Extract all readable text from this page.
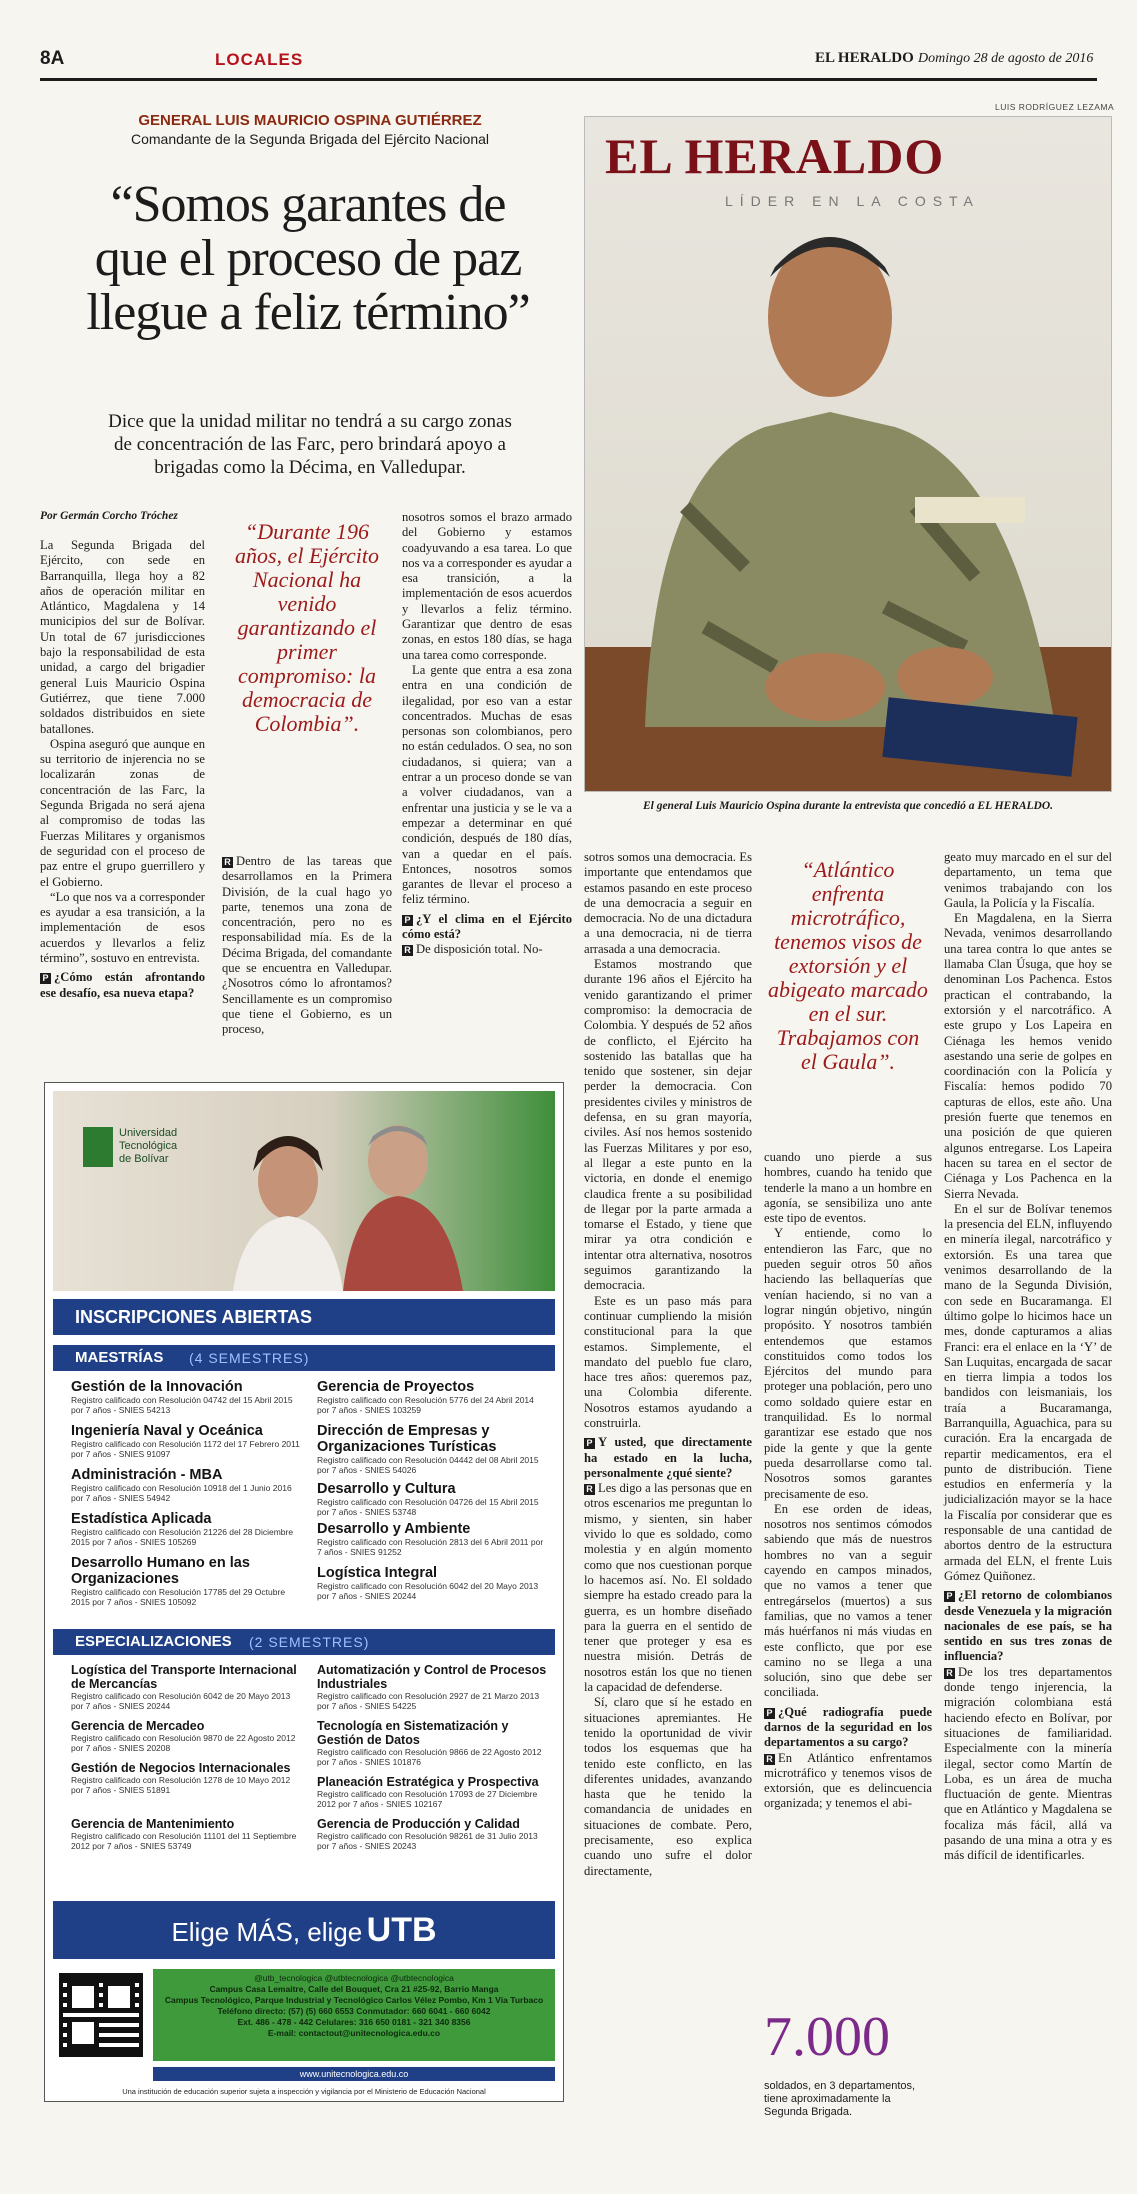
8A	LOCALES	EL HERALDO Domingo 28 de agosto de 2016
GENERAL LUIS MAURICIO OSPINA GUTIÉRREZ
Comandante de la Segunda Brigada del Ejército Nacional
“Somos garantes de
que el proceso de paz
llegue a feliz término”
Dice que la unidad militar no tendrá a su cargo zonas
de concentración de las Farc, pero brindará apoyo a
brigadas como la Décima, en Valledupar.
Por Germán Corcho Tróchez

La Segunda Brigada del Ejército, con sede en Barranquilla, llega hoy a 82 años de operación militar en Atlántico, Magdalena y 14 municipios del sur de Bolívar. Un total de 67 jurisdicciones bajo la responsabilidad de esta unidad, a cargo del brigadier general Luis Mauricio Ospina Gutiérrez, que tiene 7.000 soldados distribuidos en siete batallones.

Ospina aseguró que aunque en su territorio de injerencia no se localizarán zonas de concentración de las Farc, la Segunda Brigada no será ajena al compromiso de todas las Fuerzas Militares y organismos de seguridad con el proceso de paz entre el grupo guerrillero y el Gobierno.

“Lo que nos va a corresponder es ayudar a esa transición, a la implementación de esos acuerdos y llevarlos a feliz término”, sostuvo en entrevista.

P ¿Cómo están afrontando ese desafío, esa nueva etapa?

“Durante 196 años, el Ejército Nacional ha venido garantizando el primer compromiso: la democracia de Colombia”.

R Dentro de las tareas que desarrollamos en la Primera División, de la cual hago yo parte, tenemos una zona de concentración, pero no es responsabilidad mía. Es de la Décima Brigada, del comandante que se encuentra en Valledupar. ¿Nosotros cómo lo afrontamos? Sencillamente es un compromiso que tiene el Gobierno, es un proceso,

nosotros somos el brazo armado del Gobierno y estamos coadyuvando a esa tarea. Lo que nos va a corresponder es ayudar a esa transición, a la implementación de esos acuerdos y llevarlos a feliz término. Garantizar que dentro de esas zonas, en estos 180 días, se haga una tarea como corresponde.

La gente que entra a esa zona entra en una condición de ilegalidad, por eso van a estar concentrados. Muchas de esas personas son colombianos, pero no están cedulados. O sea, no son ciudadanos, si quiera; van a entrar a un proceso donde se van a volver ciudadanos, van a enfrentar una justicia y se le va a empezar a determinar en qué condición, después de 180 días, van a quedar en el país. Entonces, nosotros somos garantes de llevar el proceso a feliz término.

P ¿Y el clima en el Ejército cómo está?

R De disposición total. No-

LUIS RODRÍGUEZ LEZAMA
EL HERALDO
LÍDER EN LA COSTA
El general Luis Mauricio Ospina durante la entrevista que concedió a EL HERALDO.
“Atlántico enfrenta microtráfico, tenemos visos de extorsión y el abigeato marcado en el sur. Trabajamos con el Gaula”.

sotros somos una democracia. Es importante que entendamos que estamos pasando en este proceso de una democracia a seguir en democracia. No de una dictadura a una democracia, ni de tierra arrasada a una democracia.

Estamos mostrando que durante 196 años el Ejército ha venido garantizando el primer compromiso: la democracia de Colombia. Y después de 52 años de conflicto, el Ejército ha sostenido las batallas que ha tenido que sostener, sin dejar perder la democracia. Con presidentes civiles y ministros de defensa, en su gran mayoría, civiles. Así nos hemos sostenido las Fuerzas Militares y por eso, al llegar a este punto en la victoria, en donde el enemigo claudica frente a su posibilidad de llegar por la parte armada a tomarse el Estado, y tiene que mirar ya otra condición e intentar otra alternativa, nosotros seguimos garantizando la democracia.

Este es un paso más para continuar cumpliendo la misión constitucional para la que estamos. Simplemente, el mandato del pueblo fue claro, hace tres años: queremos paz, una Colombia diferente. Nosotros estamos ayudando a construirla.

P Y usted, que directamente ha estado en la lucha, personalmente ¿qué siente?

R Les digo a las personas que en otros escenarios me preguntan lo mismo, y sienten, sin haber vivido lo que es soldado, como molestia y en algún momento como que nos cuestionan porque lo hacemos así. No. El soldado siempre ha estado creado para la guerra, es un hombre diseñado para la guerra en el sentido de tener que proteger y esa es nuestra misión. Detrás de nosotros están los que no tienen la capacidad de defenderse.

Sí, claro que sí he estado en situaciones apremiantes. He tenido la oportunidad de vivir todos los esquemas que ha tenido este conflicto, en las diferentes unidades, avanzando hasta que he tenido la comandancia de unidades en situaciones de combate. Pero, precisamente, eso explica cuando uno sufre el dolor directamente,

cuando uno pierde a sus hombres, cuando ha tenido que tenderle la mano a un hombre en agonía, se sensibiliza uno ante este tipo de eventos.

Y entiende, como lo entendieron las Farc, que no pueden seguir otros 50 años haciendo las bellaquerías que venían haciendo, si no van a lograr ningún objetivo, ningún propósito. Y nosotros también entendemos que estamos constituidos como todos los Ejércitos del mundo para proteger una población, pero uno como soldado quiere estar en tranquilidad. Es lo normal garantizar ese estado que nos pide la gente y que la gente pueda desarrollarse como tal. Nosotros somos garantes precisamente de eso.

En ese orden de ideas, nosotros nos sentimos cómodos sabiendo que más de nuestros hombres no van a seguir cayendo en campos minados, que no vamos a tener que entregárselos (muertos) a sus familias, que no vamos a tener más huérfanos ni más viudas en este conflicto, que por ese camino no se llega a una solución, sino que debe ser conciliada.

P ¿Qué radiografía puede darnos de la seguridad en los departamentos a su cargo?

R En Atlántico enfrentamos microtráfico y tenemos visos de extorsión, que es delincuencia organizada; y tenemos el abi-

7.000
soldados, en 3 departamentos, tiene aproximadamente la Segunda Brigada.

geato muy marcado en el sur del departamento, un tema que venimos trabajando con los Gaula, la Policía y la Fiscalía.

En Magdalena, en la Sierra Nevada, venimos desarrollando una tarea contra lo que antes se llamaba Clan Úsuga, que hoy se denominan Los Pachenca. Estos practican el contrabando, la extorsión y el narcotráfico. A este grupo y Los Lapeira en Ciénaga les hemos venido asestando una serie de golpes en coordinación con la Policía y Fiscalía: hemos podido 70 capturas de ellos, este año. Una presión fuerte que tenemos en una posición de que quieren algunos entregarse. Los Lapeira hacen su tarea en el sector de Ciénaga y Los Pachenca en la Sierra Nevada.

En el sur de Bolívar tenemos la presencia del ELN, influyendo en minería ilegal, narcotráfico y extorsión. Es una tarea que venimos desarrollando de la mano de la Segunda División, con sede en Bucaramanga. El último golpe lo hicimos hace un mes, donde capturamos a alias Franci: era el enlace en la ‘Y’ de San Luquitas, encargada de sacar en tierra limpia a todos los bandidos con leismaniais, los traía a Bucaramanga, Barranquilla, Aguachica, para su curación. Era la encargada de repartir medicamentos, era el punto de distribución. Tiene estudios en enfermería y la judicialización mayor se la hace la Fiscalía por considerar que es responsable de una cantidad de abortos dentro de la estructura armada del ELN, el frente Luis Gómez Quiñonez.

P ¿El retorno de colombianos desde Venezuela y la migración nacionales de ese país, se ha sentido en sus tres zonas de influencia?

R De los tres departamentos donde tengo injerencia, la migración colombiana está haciendo efecto en Bolívar, por situaciones de familiaridad. Especialmente con la minería ilegal, sector como Martín de Loba, es un área de mucha fluctuación de gente. Mientras que en Atlántico y Magdalena se focaliza más fácil, allá va pasando de una mina a otra y es más difícil de identificarles.

Universidad
Tecnológica
de Bolívar
INSCRIPCIONES ABIERTAS
MAESTRÍAS (4 SEMESTRES)
Gestión de la Innovación
Registro calificado con Resolución 04742 del 15 Abril 2015 por 7 años - SNIES 54213
Ingeniería Naval y Oceánica
Registro calificado con Resolución 1172 del 17 Febrero 2011 por 7 años - SNIES 91097
Administración - MBA
Registro calificado con Resolución 10918 del 1 Junio 2016 por 7 años - SNIES 54942
Estadística Aplicada
Registro calificado con Resolución 21226 del 28 Diciembre 2015 por 7 años - SNIES 105269
Desarrollo Humano en las Organizaciones
Registro calificado con Resolución 17785 del 29 Octubre 2015 por 7 años - SNIES 105092
Gerencia de Proyectos
Registro calificado con Resolución 5776 del 24 Abril 2014 por 7 años - SNIES 103259
Dirección de Empresas y Organizaciones Turísticas
Registro calificado con Resolución 04442 del 08 Abril 2015 por 7 años - SNIES 54026
Desarrollo y Cultura
Registro calificado con Resolución 04726 del 15 Abril 2015 por 7 años - SNIES 53748
Desarrollo y Ambiente
Registro calificado con Resolución 2813 del 6 Abril 2011 por 7 años - SNIES 91252
Logística Integral
Registro calificado con Resolución 6042 del 20 Mayo 2013 por 7 años - SNIES 20244
ESPECIALIZACIONES (2 SEMESTRES)
Logística del Transporte Internacional de Mercancías
Registro calificado con Resolución 6042 de 20 Mayo 2013 por 7 años - SNIES 20244
Gerencia de Mercadeo
Registro calificado con Resolución 9870 de 22 Agosto 2012 por 7 años - SNIES 20208
Gestión de Negocios Internacionales
Registro calificado con Resolución 1278 de 10 Mayo 2012 por 7 años - SNIES 51891
Gerencia de Mantenimiento
Registro calificado con Resolución 11101 del 11 Septiembre 2012 por 7 años - SNIES 53749
Automatización y Control de Procesos Industriales
Registro calificado con Resolución 2927 de 21 Marzo 2013 por 7 años - SNIES 54225
Tecnología en Sistematización y Gestión de Datos
Registro calificado con Resolución 9866 de 22 Agosto 2012 por 7 años - SNIES 101876
Planeación Estratégica y Prospectiva
Registro calificado con Resolución 17093 de 27 Diciembre 2012 por 7 años - SNIES 102167
Gerencia de Producción y Calidad
Registro calificado con Resolución 98261 de 31 Julio 2013 por 7 años - SNIES 20243
Elige MÁS, elige UTB
@utb_tecnologica @utbtecnologica @utbtecnologica
Campus Casa Lemaitre, Calle del Bouquet, Cra 21 #25-92, Barrio Manga
Campus Tecnológico, Parque Industrial y Tecnológico Carlos Vélez Pombo, Km 1 Vía Turbaco
Teléfono directo: (57) (5) 660 6553 Conmutador: 660 6041 - 660 6042
Ext. 486 - 478 - 442 Celulares: 316 650 0181 - 321 340 8356
E-mail: contactout@unitecnologica.edu.co
www.unitecnologica.edu.co
Una institución de educación superior sujeta a inspección y vigilancia por el Ministerio de Educación Nacional
